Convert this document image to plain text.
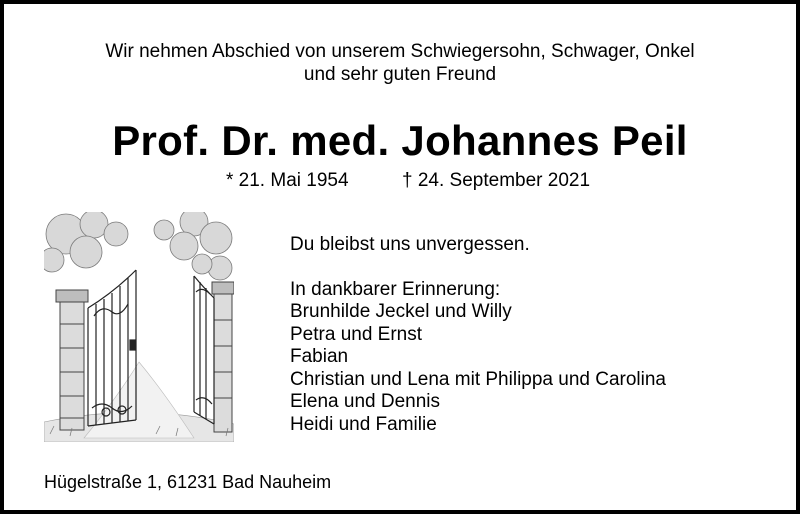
Wir nehmen Abschied von unserem Schwiegersohn, Schwager, Onkel
und sehr guten Freund
Prof. Dr. med. Johannes Peil
* 21. Mai 1954	† 24. September 2021
Du bleibst uns unvergessen.
In dankbarer Erinnerung:
Brunhilde Jeckel und Willy
Petra und Ernst
Fabian
Christian und Lena mit Philippa und Carolina
Elena und Dennis
Heidi und Familie
Hügelstraße 1, 61231 Bad Nauheim
